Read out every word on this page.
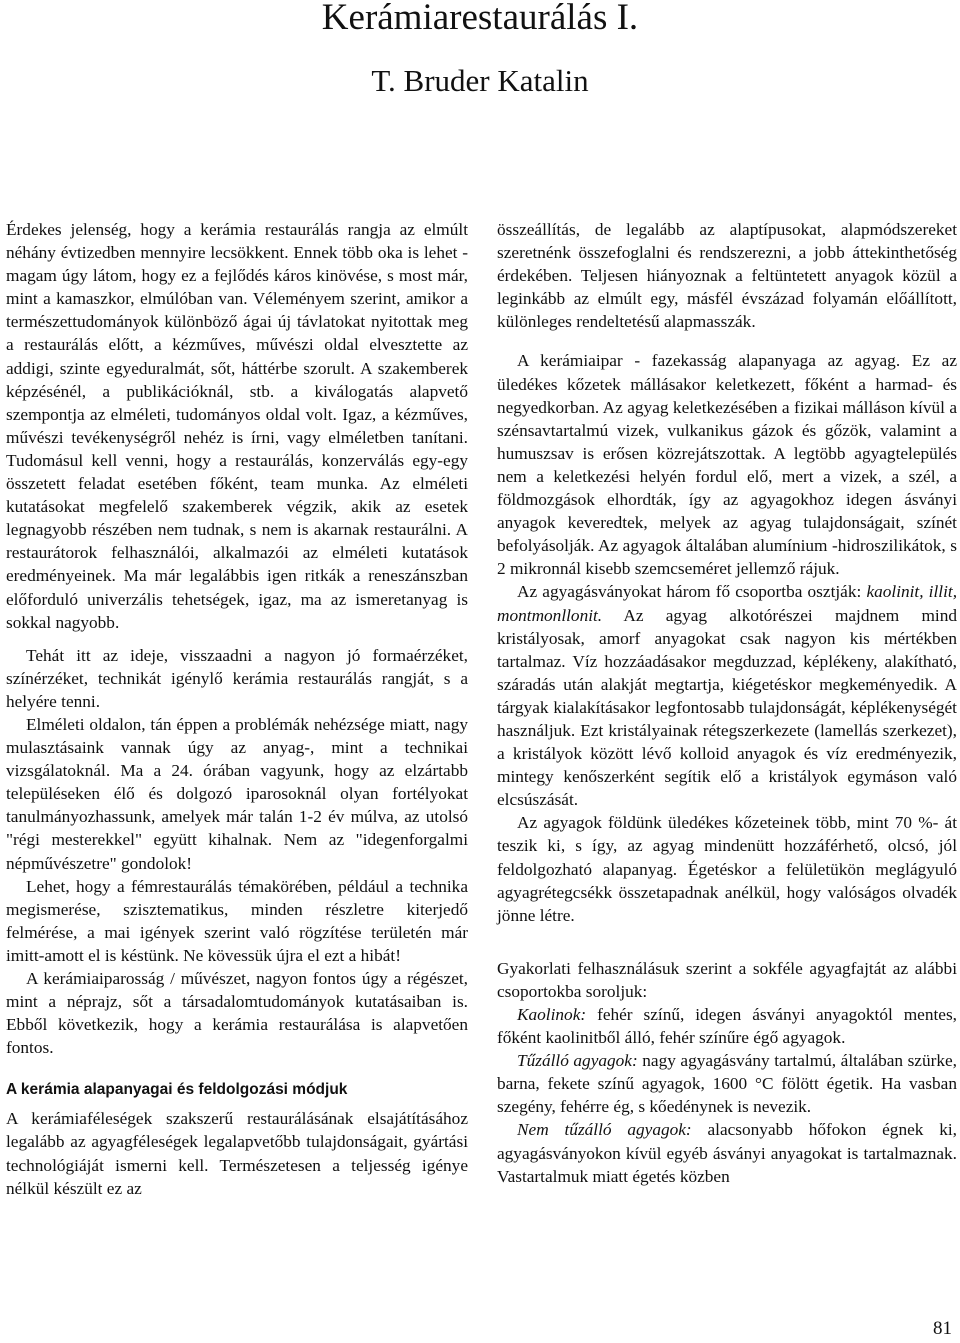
Kerámiarestaurálás I.
T. Bruder Katalin

Érdekes jelenség, hogy a kerámia restaurálás rangja az elmúlt néhány évtizedben mennyire lecsökkent. Ennek több oka is lehet - magam úgy látom, hogy ez a fejlődés káros kinövése, s most már, mint a kamaszkor, elmúlóban van. Véleményem szerint, amikor a természettudományok különböző ágai új távlatokat nyitottak meg a restaurálás előtt, a kézműves, művészi oldal elvesztette az addigi, szinte egyeduralmát, sőt, háttérbe szorult. A szakemberek képzésénél, a publikációknál, stb. a kiválogatás alapvető szempontja az elméleti, tudományos oldal volt. Igaz, a kézműves, művészi tevékenységről nehéz is írni, vagy elméletben tanítani. Tudomásul kell venni, hogy a restaurálás, konzerválás egy-egy összetett feladat esetében főként, team munka. Az elméleti kutatásokat megfelelő szakemberek végzik, akik az esetek legnagyobb részében nem tudnak, s nem is akarnak restaurálni. A restaurátorok felhasználói, alkalmazói az elméleti kutatások eredményeinek. Ma már legalábbis igen ritkák a reneszánszban előforduló univerzális tehetségek, igaz, ma az ismeretanyag is sokkal nagyobb.

Tehát itt az ideje, visszaadni a nagyon jó formaérzéket, színérzéket, technikát igénylő kerámia restaurálás rangját, s a helyére tenni.

Elméleti oldalon, tán éppen a problémák nehézsége miatt, nagy mulasztásaink vannak úgy az anyag-, mint a technikai vizsgálatoknál. Ma a 24. órában vagyunk, hogy az elzártabb településeken élő és dolgozó iparosoknál olyan fortélyokat tanulmányozhassunk, amelyek már talán 1-2 év múlva, az utolsó "régi mesterekkel" együtt kihalnak. Nem az "idegenforgalmi népművészetre" gondolok!

Lehet, hogy a fémrestaurálás témakörében, például a technika megismerése, szisztematikus, minden részletre kiterjedő felmérése, a mai igények szerint való rögzítése területén már imitt-amott el is késtünk. Ne kövessük újra el ezt a hibát!

A kerámiaiparosság / művészet, nagyon fontos úgy a régészet, mint a néprajz, sőt a társadalomtudományok kutatásaiban is. Ebből következik, hogy a kerámia restaurálása is alapvetően fontos.

A kerámia alapanyagai és feldolgozási módjuk

A kerámiaféleségek szakszerű restaurálásának elsajátításához legalább az agyagféleségek legalapvetőbb tulajdonságait, gyártási technológiáját ismerni kell. Természetesen a teljesség igénye nélkül készült ez az

összeállítás, de legalább az alaptípusokat, alapmódszereket szeretnénk összefoglalni és rendszerezni, a jobb áttekinthetőség érdekében. Teljesen hiányoznak a feltüntetett anyagok közül a leginkább az elmúlt egy, másfél évszázad folyamán előállított, különleges rendeltetésű alapmasszák.

A kerámiaipar - fazekasság alapanyaga az agyag. Ez az üledékes kőzetek mállásakor keletkezett, főként a harmad- és negyedkorban. Az agyag keletkezésében a fizikai málláson kívül a szénsavtartalmú vizek, vulkanikus gázok és gőzök, valamint a humuszsav is erősen közrejátszottak. A legtöbb agyagtelepülés nem a keletkezési helyén fordul elő, mert a vizek, a szél, a földmozgások elhordták, így az agyagokhoz idegen ásványi anyagok keveredtek, melyek az agyag tulajdonságait, színét befolyásolják. Az agyagok általában alumínium -hidroszilikátok, s 2 mikronnál kisebb szemcseméret jellemző rájuk.

Az agyagásványokat három fő csoportba osztják: kaolinit, illit, montmonllonit. Az agyag alkotórészei majdnem mind kristályosak, amorf anyagokat csak nagyon kis mértékben tartalmaz. Víz hozzáadásakor megduzzad, képlékeny, alakítható, száradás után alakját megtartja, kiégetéskor megkeményedik. A tárgyak kialakításakor legfontosabb tulajdonságát, képlékenységét használjuk. Ezt kristályainak rétegszerkezete (lamellás szerkezet), a kristályok között lévő kolloid anyagok és víz eredményezik, mintegy kenőszerként segítik elő a kristályok egymáson való elcsúszását.

Az agyagok földünk üledékes kőzeteinek több, mint 70 %- át teszik ki, s így, az agyag mindenütt hozzáférhető, olcsó, jól feldolgozható alapanyag. Égetéskor a felületükön meglágyuló agyagrétegcsékk összetapadnak anélkül, hogy valóságos olvadék jönne létre.

Gyakorlati felhasználásuk szerint a sokféle agyagfajtát az alábbi csoportokba soroljuk:

Kaolinok: fehér színű, idegen ásványi anyagoktól mentes, főként kaolinitből álló, fehér színűre égő agyagok.

Tűzálló agyagok: nagy agyagásvány tartalmú, általában szürke, barna, fekete színű agyagok, 1600 °C fölött égetik. Ha vasban szegény, fehérre ég, s kőedénynek is nevezik.

Nem tűzálló agyagok: alacsonyabb hőfokon égnek ki, agyagásványokon kívül egyéb ásványi anyagokat is tartalmaznak. Vastartalmuk miatt égetés közben

81
